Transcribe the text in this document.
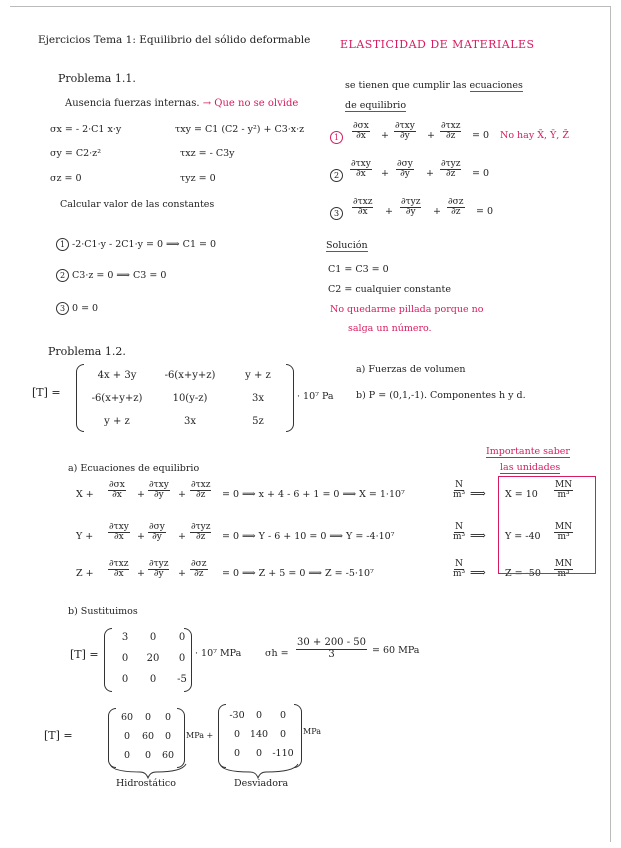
Ejercicios Tema 1: Equilibrio del sólido deformable	ELASTICIDAD DE MATERIALES
Problema 1.1.
Ausencia fuerzas internas. → Que no se olvide
σx = - 2·C1 x·y	τxy = C1 (C2 - y²) + C3·x·z
σy = C2·z²	τxz = - C3y
σz = 0	τyz = 0
Calcular valor de las constantes
1 -2·C1·y - 2C1·y = 0 ⟹ C1 = 0
2 C3·z = 0 ⟹ C3 = 0
3 0 = 0
se tienen que cumplir las ecuaciones
de equilibrio
1	$\frac{\partial\sigma x}{\partial x}$ +
∂τxy
∂y +
∂τxz
∂z = 0 No hay X̄, Ȳ, Z̄
2
∂τxy
$\partial x + \frac{\partial\sigma y}{\partial y}$ +
∂τyz
∂z = 0
3
∂τxz
∂x +
∂τyz
$\partial y + \frac{\partial\sigma z}{\partial z} = 0$
Solución
C1 = C3 = 0
C2 = cualquier constante
No quedarme pillada porque no
salga un número.
Problema 1.2.
[T] =
4x + 3y	-6(x+y+z)	y + z
-6(x+y+z)	10(y-z)	3x
y + z	3x	5z
· 10⁷ Pa
a) Fuerzas de volumen
b) P = (0,1,-1). Componentes h y d.
Importante saber
las unidades
a) Ecuaciones de equilibrio
$X + \frac{\partial\sigma x}{\partial x}$ +
∂τxy
∂y +
∂τxz
∂z = 0 ⟹ x + 4 - 6 + 1 = 0 ⟹ X = 1·10⁷	$\frac{N}{\text{m³}}$ ⟹ $X = 10 \frac{MN}{\text{m³}}$
Y +
∂τxy
$\partial x + \frac{\partial\sigma y}{\partial y}$ +
∂τyz
∂z = 0 ⟹ Y - 6 + 10 = 0 ⟹ Y = -4·10⁷	$\frac{N}{\text{m³}}$ ⟹ $Y = -40 \frac{MN}{\text{m³}}$
Z +
∂τxz
∂x +
∂τyz
$\partial y + \frac{\partial\sigma z}{\partial z} = 0$ ⟹ Z + 5 = 0 ⟹ Z = -5·10⁷	$\frac{N}{\text{m³}}$ ⟹ $Z = -50 \frac{MN}{\text{m³}}$
b) Sustituimos
[T] =
3	0	0
0	20	0
0	0	-5
· 10⁷ MPa $\sigma h = \frac{30 + 200 - 50}{3} = 60$ MPa
[T] =
60	0	0
0	60	0
0	0	60
MPa +
-30	0	0
0	140	0
0	0	-110
MPa
Hidrostático	Desviadora
